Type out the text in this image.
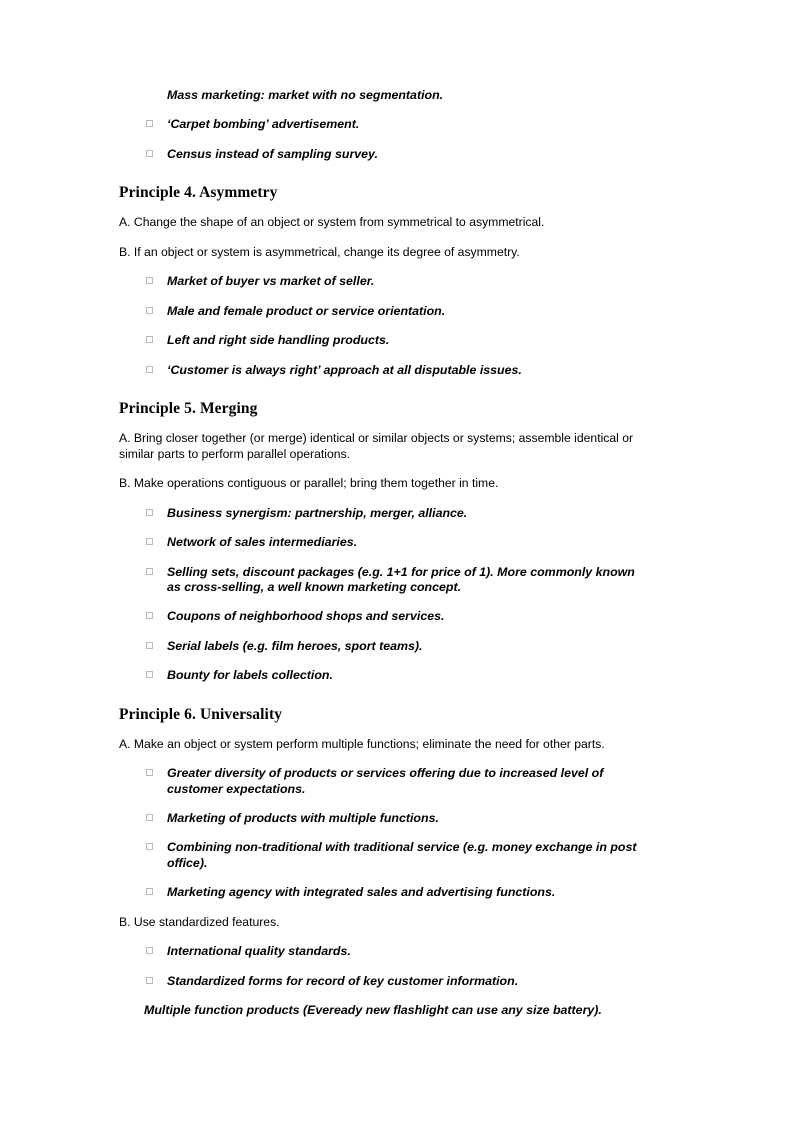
Mass marketing: market with no segmentation.
‘Carpet bombing’ advertisement.
Census instead of sampling survey.
Principle 4. Asymmetry

A. Change the shape of an object or system from symmetrical to asymmetrical.

B. If an object or system is asymmetrical, change its degree of asymmetry.

Market of buyer vs market of seller.
Male and female product or service orientation.
Left and right side handling products.
‘Customer is always right’ approach at all disputable issues.
Principle 5. Merging

A. Bring closer together (or merge) identical or similar objects or systems; assemble identical or similar parts to perform parallel operations.

B. Make operations contiguous or parallel; bring them together in time.

Business synergism: partnership, merger, alliance.
Network of sales intermediaries.
Selling sets, discount packages (e.g. 1+1 for price of 1). More commonly known as cross-selling, a well known marketing concept.
Coupons of neighborhood shops and services.
Serial labels (e.g. film heroes, sport teams).
Bounty for labels collection.
Principle 6. Universality

A. Make an object or system perform multiple functions; eliminate the need for other parts.

Greater diversity of products or services offering due to increased level of customer expectations.
Marketing of products with multiple functions.
Combining non-traditional with traditional service (e.g. money exchange in post office).
Marketing agency with integrated sales and advertising functions.

B. Use standardized features.

International quality standards.
Standardized forms for record of key customer information.
Multiple function products (Eveready new flashlight can use any size battery).
